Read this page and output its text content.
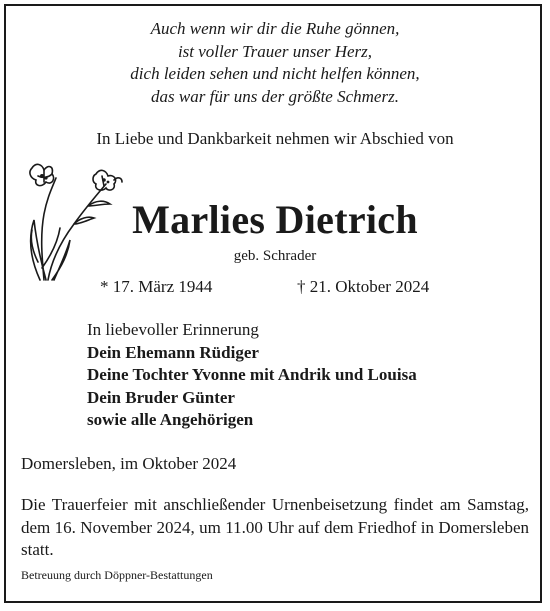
Auch wenn wir dir die Ruhe gönnen,
ist voller Trauer unser Herz,
dich leiden sehen und nicht helfen können,
das war für uns der größte Schmerz.
In Liebe und Dankbarkeit nehmen wir Abschied von
Marlies Dietrich
geb. Schrader
* 17. März 1944	† 21. Oktober 2024
In liebevoller Erinnerung
Dein Ehemann Rüdiger
Deine Tochter Yvonne mit Andrik und Louisa
Dein Bruder Günter
sowie alle Angehörigen
Domersleben, im Oktober 2024
Die Trauerfeier mit anschließender Urnenbeisetzung findet am Samstag, dem 16. November 2024, um 11.00 Uhr auf dem Friedhof in Domersleben statt.
Betreuung durch Döppner-Bestattungen
